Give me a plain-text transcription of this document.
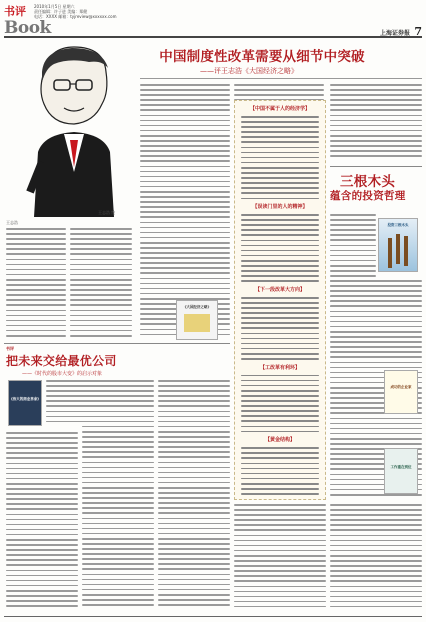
书评 2010年1月5日 星期六
责任编辑：许子进 美编：郑健
电话：XXXX 邮箱：tyjreview@xxxxxx.com
Book	上海证券报 7
王志浩 绘
王志浩
中国制度性改革需要从细节中突破
——评王志浩《大国经济之略》
【中国不属于人的经济学】
【误读门里的人的精神】
【下一段改革大方向】
【工改革有利环】
【黄金结构】
《大国经济之略》
三根木头
蕴含的投资哲理
投资三根木头
成功的企业家
工作重在到位
书评
把未来交给最优公司
——《时代的股市大变》的启示对象
《伟大的商业革命》
